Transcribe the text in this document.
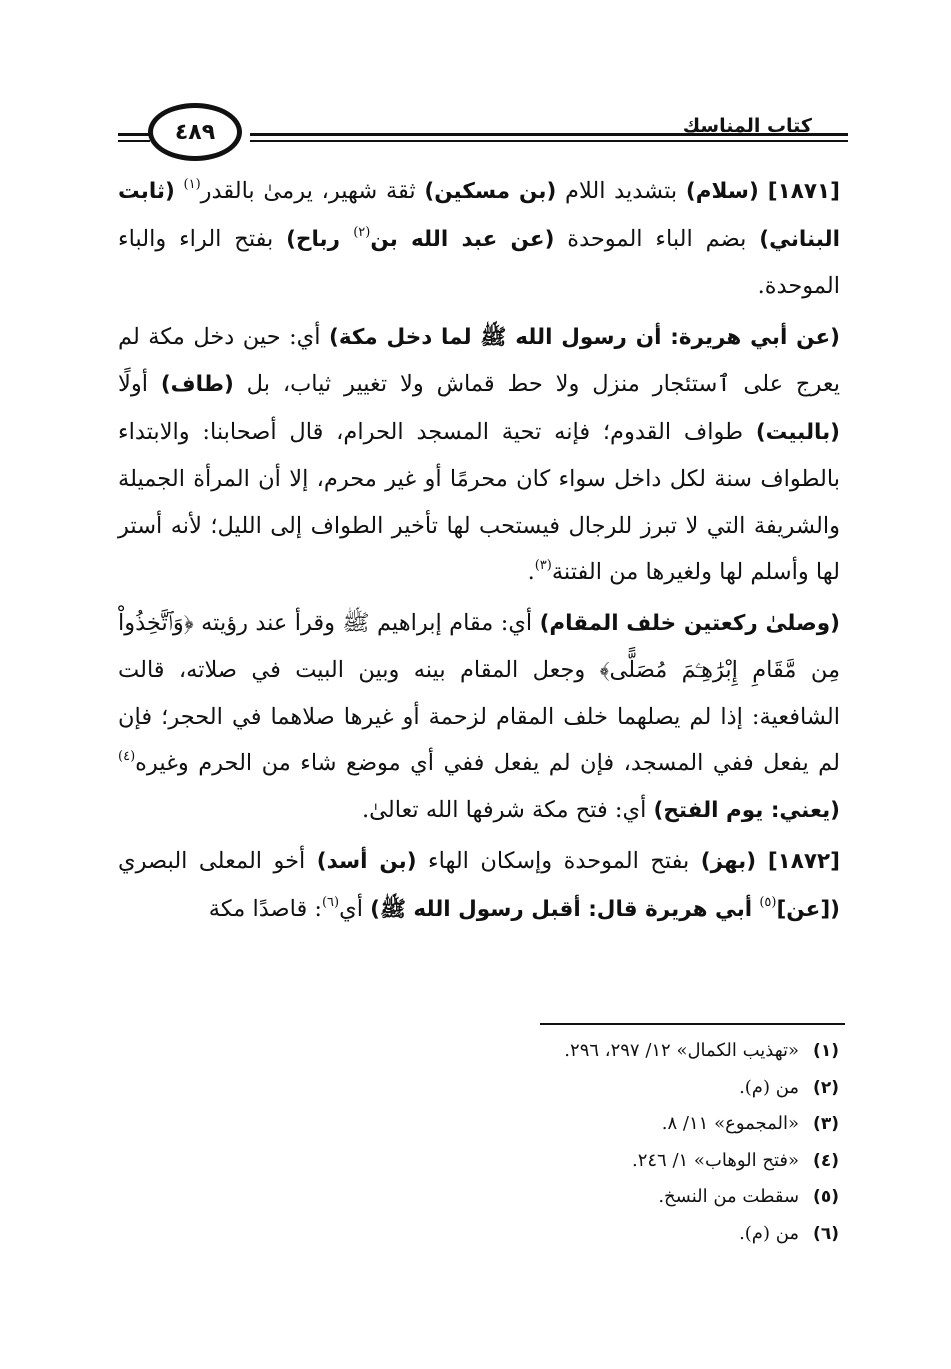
كتاب المناسك
٤٨٩

[١٨٧١] (سلام) بتشديد اللام (بن مسكين) ثقة شهير، يرمىٰ بالقدر$^{(١)}$ (ثابت البناني) بضم الباء الموحدة (عن عبد الله بن$^{(٢)}$ رباح) بفتح الراء والباء الموحدة.

(عن أبي هريرة: أن رسول الله ﷺ لما دخل مكة) أي: حين دخل مكة لم يعرج على ٱستئجار منزل ولا حط قماش ولا تغيير ثياب، بل (طاف) أولًا (بالبيت) طواف القدوم؛ فإنه تحية المسجد الحرام، قال أصحابنا: والابتداء بالطواف سنة لكل داخل سواء كان محرمًا أو غير محرم، إلا أن المرأة الجميلة والشريفة التي لا تبرز للرجال فيستحب لها تأخير الطواف إلى الليل؛ لأنه أستر لها وأسلم لها ولغيرها من الفتنة$^{(٣)}$.

(وصلىٰ ركعتين خلف المقام) أي: مقام إبراهيم ﷺ وقرأ عند رؤيته ﴿وَٱتَّخِذُواْ مِن مَّقَامِ إِبْرَٰهِـۧمَ مُصَلًّى﴾ وجعل المقام بينه وبين البيت في صلاته، قالت الشافعية: إذا لم يصلهما خلف المقام لزحمة أو غيرها صلاهما في الحجر؛ فإن لم يفعل ففي المسجد، فإن لم يفعل ففي أي موضع شاء من الحرم وغيره$^{(٤)}$ (يعني: يوم الفتح) أي: فتح مكة شرفها الله تعالىٰ.

[١٨٧٢] (بهز) بفتح الموحدة وإسكان الهاء (بن أسد) أخو المعلى البصري ([عن]$^{(٥)}$ أبي هريرة قال: أقبل رسول الله ﷺ) أي$^{(٦)}$: قاصدًا مكة

(١)«تهذيب الكمال» ١٢/ ٢٩٧، ٢٩٦.
(٢)من (م).
(٣)«المجموع» ١١/ ٨.
(٤)«فتح الوهاب» ١/ ٢٤٦.
(٥)سقطت من النسخ.
(٦)من (م).
